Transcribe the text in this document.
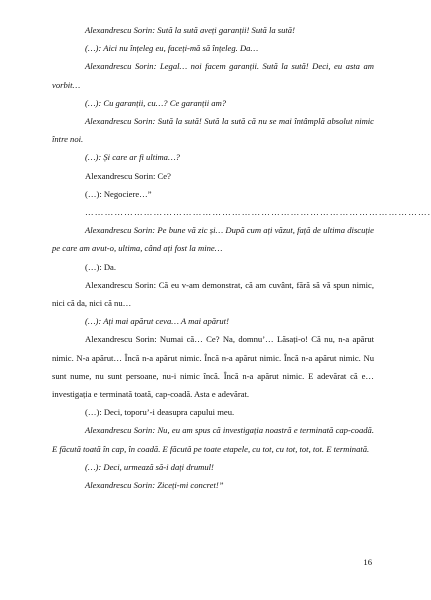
Alexandrescu Sorin: Sută la sută aveți garanții! Sută la sută!

(…): Aici nu înțeleg eu, faceți-mă să înțeleg. Da…

Alexandrescu Sorin: Legal… noi facem garanții. Sută la sută! Deci, eu asta am vorbit…

(…): Cu garanții, cu…? Ce garanții am?

Alexandrescu Sorin: Sută la sută! Sută la sută că nu se mai întâmplă absolut nimic între noi.

(…): Și care ar fi ultima…?

Alexandrescu Sorin: Ce?

(…): Negociere…”

…………………………………………………………………………………………….

Alexandrescu Sorin: Pe bune vă zic și… După cum ați văzut, față de ultima discuție pe care am avut-o, ultima, când ați fost la mine…

(…): Da.

Alexandrescu Sorin: Că eu v-am demonstrat, că am cuvânt, fără să vă spun nimic, nici că da, nici că nu…

(…): Ați mai apărut ceva… A mai apărut!

Alexandrescu Sorin: Numai că… Ce? Na, domnu’… Lăsați-o! Că nu, n-a apărut nimic. N-a apărut… Încă n-a apărut nimic. Încă n-a apărut nimic. Încă n-a apărut nimic. Nu sunt nume, nu sunt persoane, nu-i nimic încă. Încă n-a apărut nimic. E adevărat că e… investigația e terminată toată, cap-coadă. Asta e adevărat.

(…): Deci, toporu’-i deasupra capului meu.

Alexandrescu Sorin: Nu, eu am spus că investigația noastră e terminată cap-coadă. E făcută toată în cap, în coadă. E făcută pe toate etapele, cu tot, cu tot, tot, tot. E terminată.

(…): Deci, urmează să-i dați drumul!

Alexandrescu Sorin: Ziceți-mi concret!”

16
